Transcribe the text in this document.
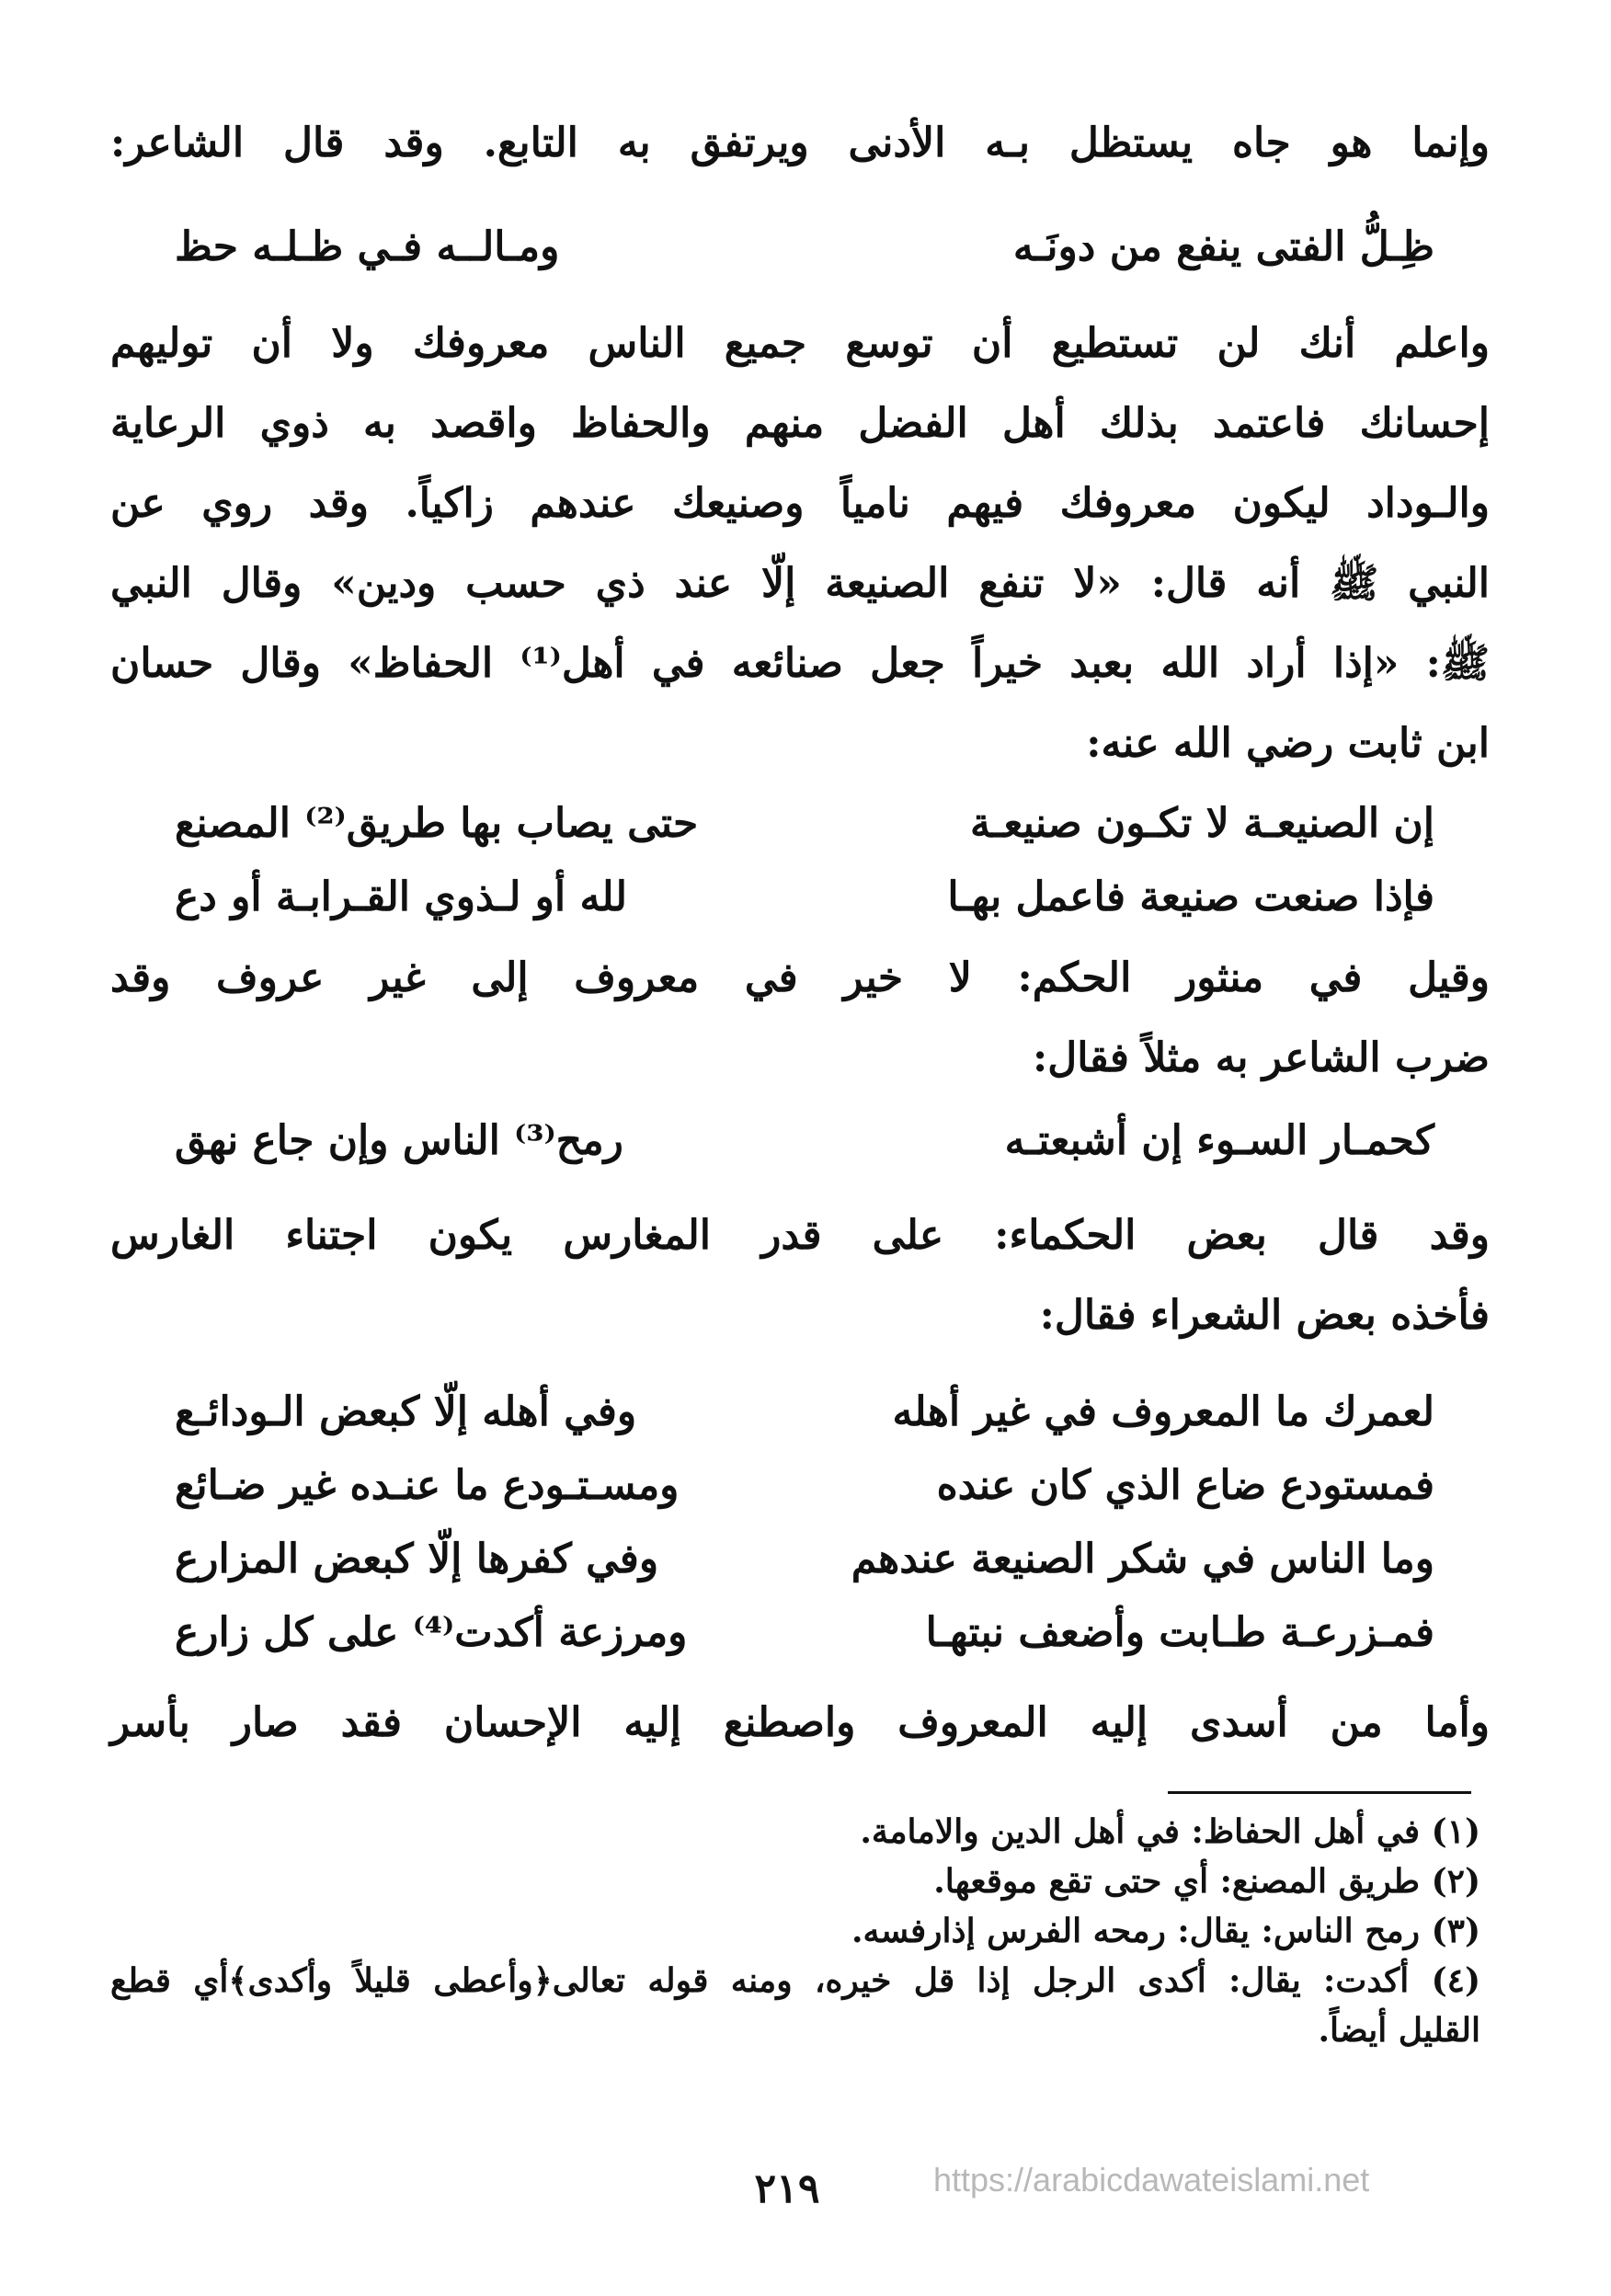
وإنما هو جاه يستظل بـه الأدنى ويرتفق به التابع. وقد قال الشاعر:
ظِـلُّ الفتى ينفع من دونَـه
ومـالــه فـي ظـلـه حظ
واعلم أنك لن تستطيع أن توسع جميع الناس معروفك ولا أن توليهم
إحسانك فاعتمد بذلك أهل الفضل منهم والحفاظ واقصد به ذوي الرعاية
والـوداد ليكون معروفك فيهم نامياً وصنيعك عندهم زاكياً. وقد روي عن
النبي ﷺ أنه قال: «لا تنفع الصنيعة إلّا عند ذي حسب ودين» وقال النبي
ﷺ: «إذا أراد الله بعبد خيراً جعل صنائعه في أهل⁽¹⁾ الحفاظ» وقال حسان
ابن ثابت رضي الله عنه:
إن الصنيعـة لا تكـون صنيعـة
حتى يصاب بها طريق⁽²⁾ المصنع
فإذا صنعت صنيعة فاعمل بهـا
لله أو لـذوي القـرابـة أو دع
وقيل في منثور الحكم: لا خير في معروف إلى غير عروف وقد
ضرب الشاعر به مثلاً فقال:
كحمـار السـوء إن أشبعتـه
رمح⁽³⁾ الناس وإن جاع نهق
وقد قال بعض الحكماء: على قدر المغارس يكون اجتناء الغارس
فأخذه بعض الشعراء فقال:
لعمرك ما المعروف في غير أهله
وفي أهله إلّا كبعض الـودائـع
فمستودع ضاع الذي كان عنده
ومسـتـودع ما عنـده غير ضـائع
وما الناس في شكر الصنيعة عندهم
وفي كفرها إلّا كبعض المزارع
فمـزرعـة طـابت وأضعف نبتهـا
ومرزعة أكدت⁽⁴⁾ على كل زارع
وأما من أسدى إليه المعروف واصطنع إليه الإحسان فقد صار بأسر
(١) في أهل الحفاظ: في أهل الدين والامامة.
(٢) طريق المصنع: أي حتى تقع موقعها.
(٣) رمح الناس: يقال: رمحه الفرس إذارفسه.
(٤) أكدت: يقال: أكدى الرجل إذا قل خيره، ومنه قوله تعالى﴿وأعطى قليلاً وأكدى﴾أي قطع
القليل أيضاً.
٢١٩	https://arabicdawateislami.net
